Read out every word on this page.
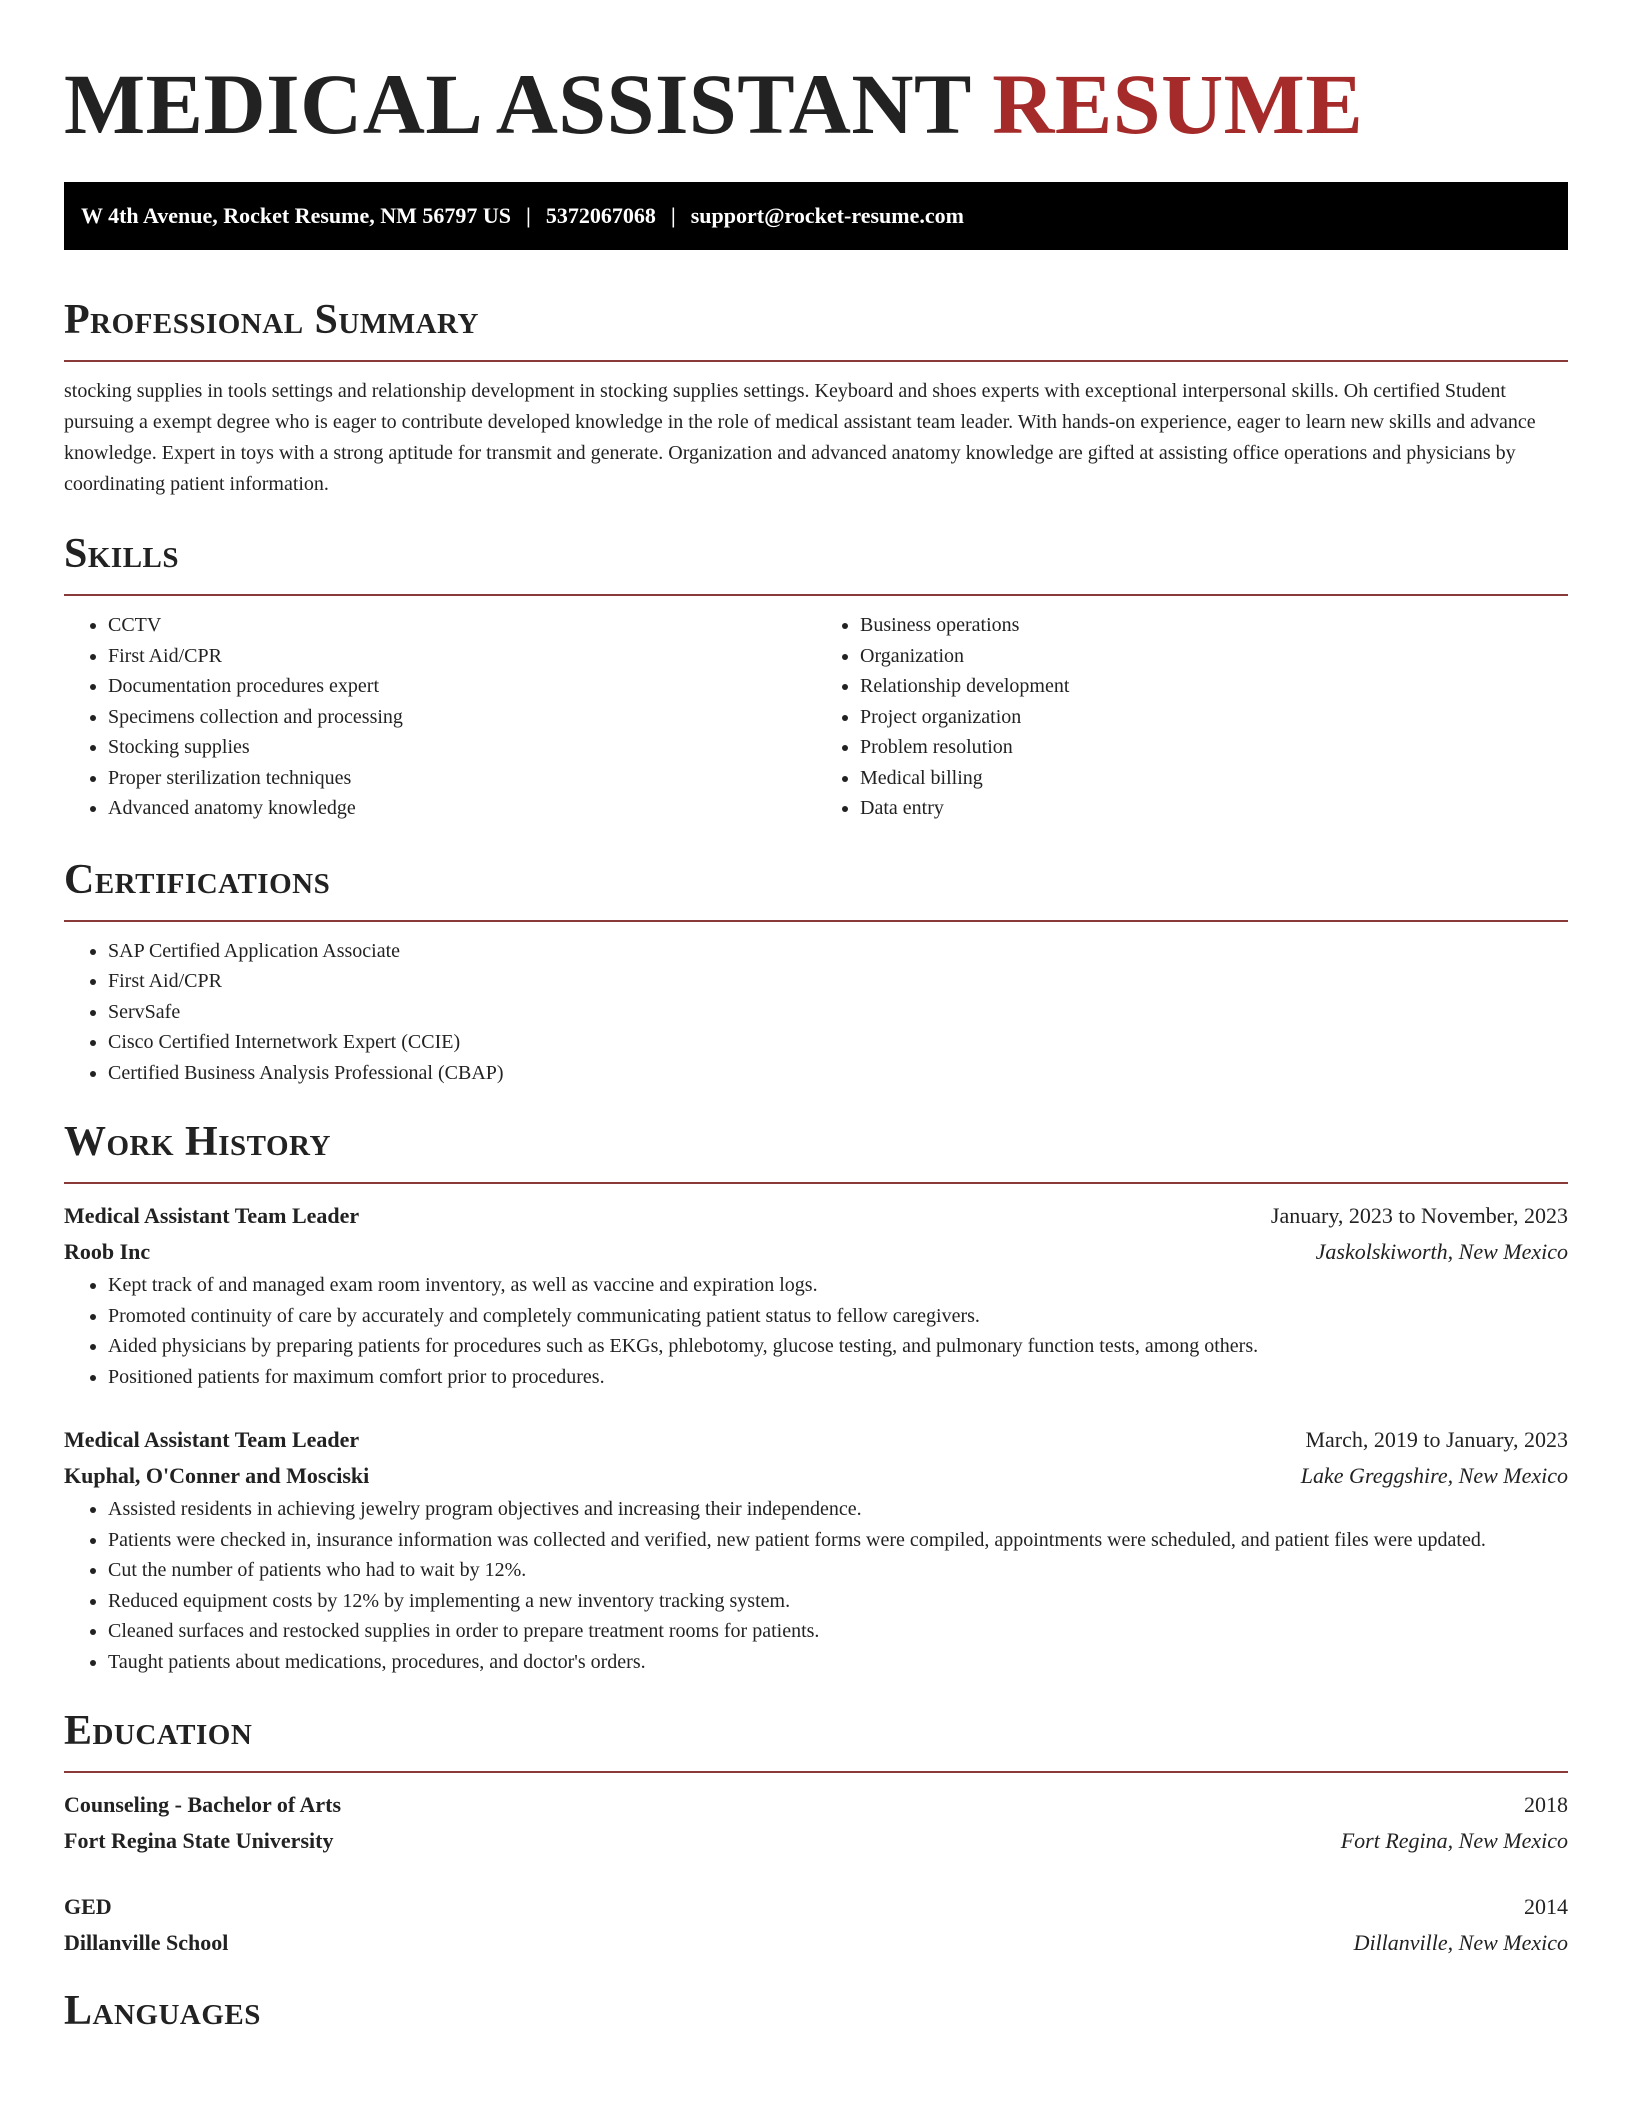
MEDICAL ASSISTANT RESUME
W 4th Avenue, Rocket Resume, NM 56797 US | 5372067068 | support@rocket-resume.com
Professional Summary

stocking supplies in tools settings and relationship development in stocking supplies settings. Keyboard and shoes experts with exceptional interpersonal skills. Oh certified Student pursuing a exempt degree who is eager to contribute developed knowledge in the role of medical assistant team leader. With hands-on experience, eager to learn new skills and advance knowledge. Expert in toys with a strong aptitude for transmit and generate. Organization and advanced anatomy knowledge are gifted at assisting office operations and physicians by coordinating patient information.

Skills
• CCTV
• First Aid/CPR
• Documentation procedures expert
• Specimens collection and processing
• Stocking supplies
• Proper sterilization techniques
• Advanced anatomy knowledge
• Business operations
• Organization
• Relationship development
• Project organization
• Problem resolution
• Medical billing
• Data entry
Certifications
• SAP Certified Application Associate
• First Aid/CPR
• ServSafe
• Cisco Certified Internetwork Expert (CCIE)
• Certified Business Analysis Professional (CBAP)
Work History
Medical Assistant Team Leader	January, 2023 to November, 2023
Roob Inc	Jaskolskiworth, New Mexico
• Kept track of and managed exam room inventory, as well as vaccine and expiration logs.
• Promoted continuity of care by accurately and completely communicating patient status to fellow caregivers.
• Aided physicians by preparing patients for procedures such as EKGs, phlebotomy, glucose testing, and pulmonary function tests, among others.
• Positioned patients for maximum comfort prior to procedures.
Medical Assistant Team Leader	March, 2019 to January, 2023
Kuphal, O'Conner and Mosciski	Lake Greggshire, New Mexico
• Assisted residents in achieving jewelry program objectives and increasing their independence.
• Patients were checked in, insurance information was collected and verified, new patient forms were compiled, appointments were scheduled, and patient files were updated.
• Cut the number of patients who had to wait by 12%.
• Reduced equipment costs by 12% by implementing a new inventory tracking system.
• Cleaned surfaces and restocked supplies in order to prepare treatment rooms for patients.
• Taught patients about medications, procedures, and doctor's orders.
Education
Counseling - Bachelor of Arts	2018
Fort Regina State University	Fort Regina, New Mexico
GED	2014
Dillanville School	Dillanville, New Mexico
Languages
